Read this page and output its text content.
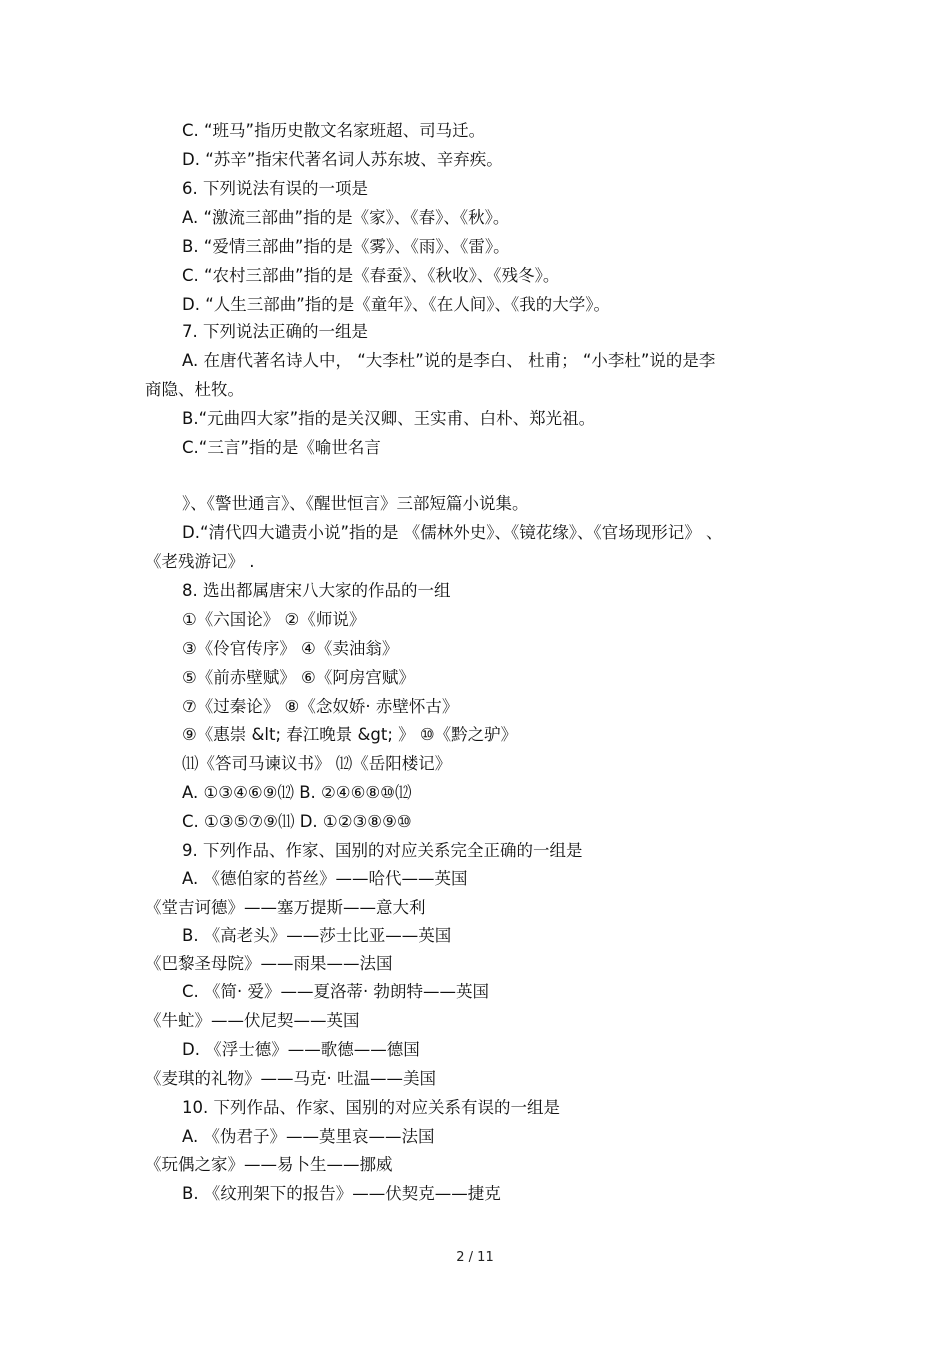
C. “班马”指历史散文名家班超、司马迁。
D. “苏辛”指宋代著名词人苏东坡、辛弃疾。
6. 下列说法有误的一项是
A. “激流三部曲”指的是《家》、《春》、《秋》。
B. “爱情三部曲”指的是《雾》、《雨》、《雷》。
C. “农村三部曲”指的是《春蚕》、《秋收》、《残冬》。
D. “人生三部曲”指的是《童年》、《在人间》、《我的大学》。
7. 下列说法正确的一组是
A. 在唐代著名诗人中， “大李杜”说的是李白、 杜甫； “小李杜”说的是李
商隐、杜牧。
B.“元曲四大家”指的是关汉卿、王实甫、白朴、郑光祖。
C.“三言”指的是《喻世名言
》、《警世通言》、《醒世恒言》三部短篇小说集。
D.“清代四大谴责小说”指的是 《儒林外史》、《镜花缘》、《官场现形记》 、
《老残游记》 .
8. 选出都属唐宋八大家的作品的一组
①《六国论》 ②《师说》
③《伶官传序》 ④《卖油翁》
⑤《前赤壁赋》 ⑥《阿房宫赋》
⑦《过秦论》 ⑧《念奴娇· 赤壁怀古》
⑨《惠崇 &lt; 春江晚景 &gt; 》 ⑩《黔之驴》
⑾《答司马谏议书》 ⑿《岳阳楼记》
A. ①③④⑥⑨⑿ B. ②④⑥⑧⑩⑿
C. ①③⑤⑦⑨⑾ D. ①②③⑧⑨⑩
9. 下列作品、作家、国别的对应关系完全正确的一组是
A. 《德伯家的苔丝》——哈代——英国
《堂吉诃德》——塞万提斯——意大利
B. 《高老头》——莎士比亚——英国
《巴黎圣母院》——雨果——法国
C. 《简· 爱》——夏洛蒂· 勃朗特——英国
《牛虻》——伏尼契——英国
D. 《浮士德》——歌德——德国
《麦琪的礼物》——马克· 吐温——美国
10. 下列作品、作家、国别的对应关系有误的一组是
A. 《伪君子》——莫里哀——法国
《玩偶之家》——易卜生——挪威
B. 《纹刑架下的报告》——伏契克——捷克
2 / 11
